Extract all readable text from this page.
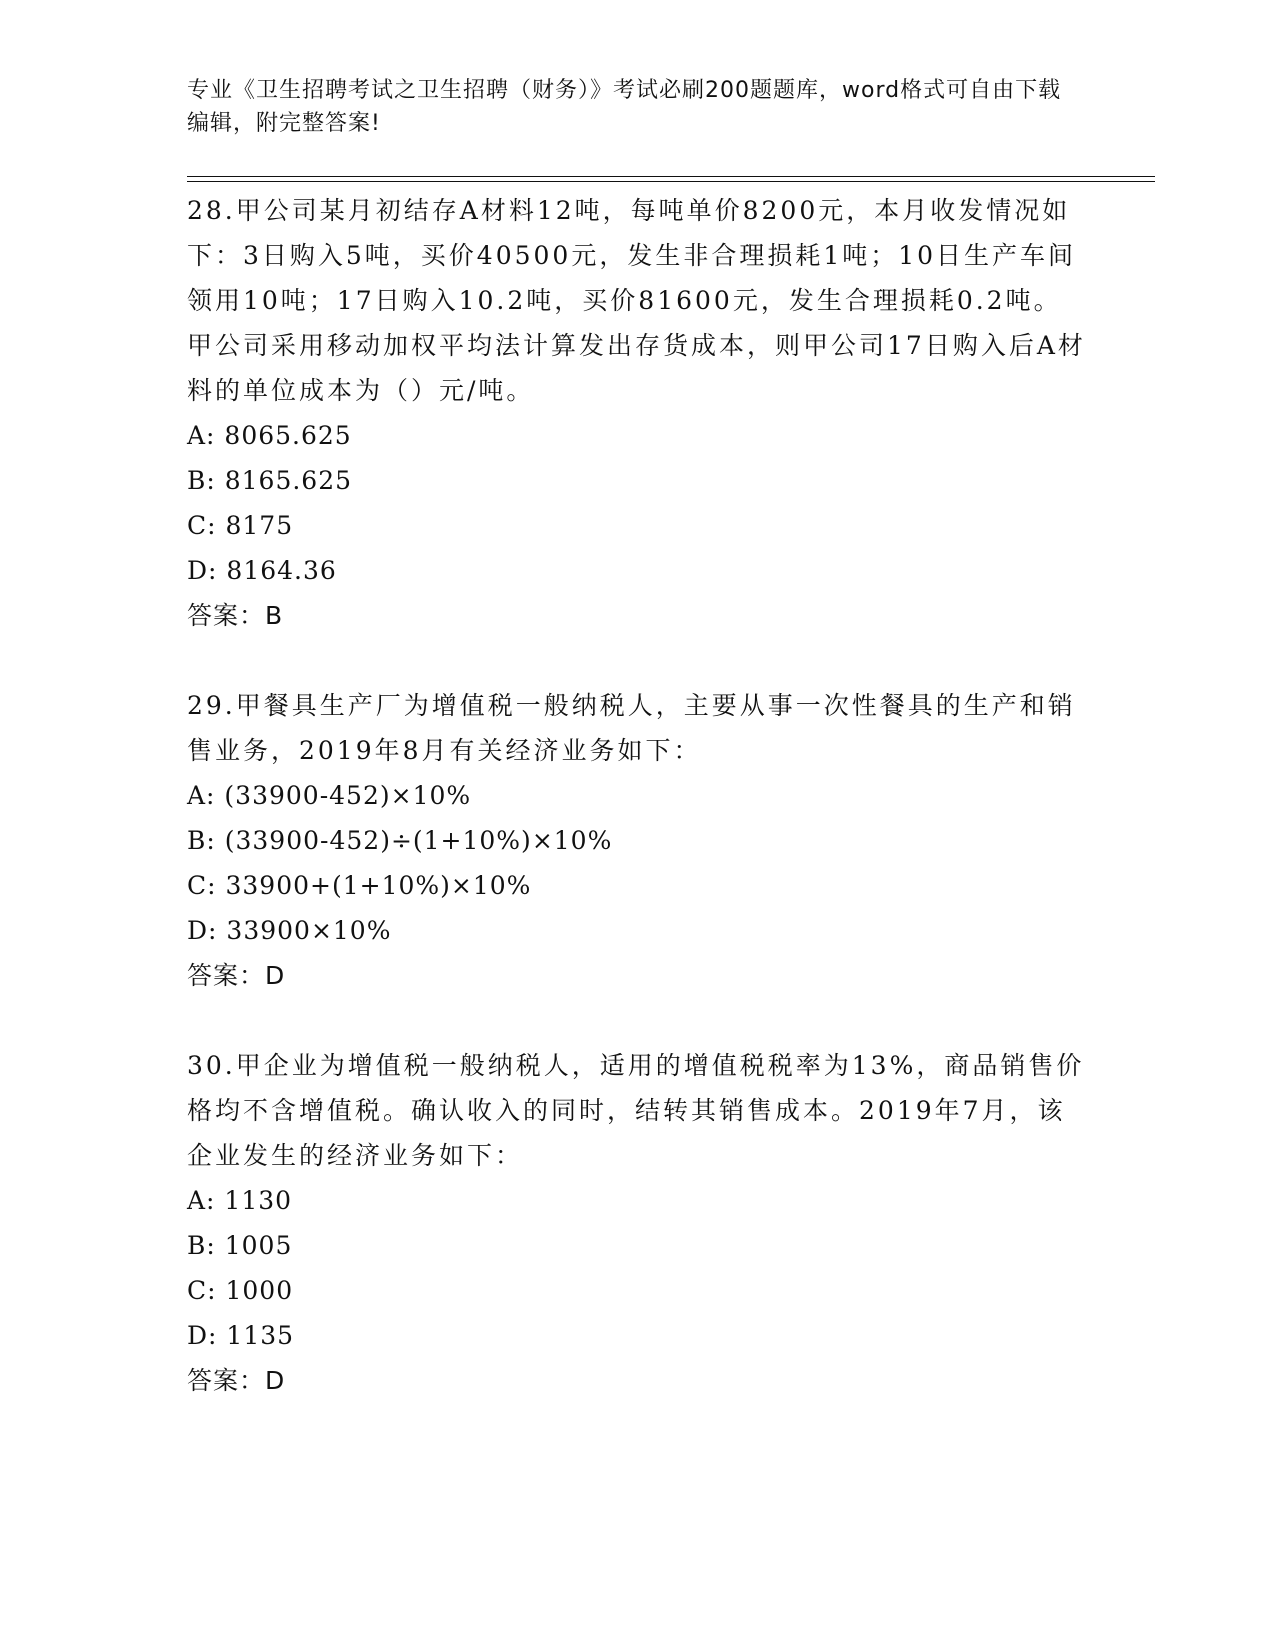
专业《卫生招聘考试之卫生招聘（财务）》考试必刷200题题库，word格式可自由下载编辑，附完整答案!
28.甲公司某月初结存A材料12吨，每吨单价8200元，本月收发情况如下：3日购入5吨，买价40500元，发生非合理损耗1吨；10日生产车间领用10吨；17日购入10.2吨，买价81600元，发生合理损耗0.2吨。甲公司采用移动加权平均法计算发出存货成本，则甲公司17日购入后A材料的单位成本为（）元/吨。
A: 8065.625
B: 8165.625
C: 8175
D: 8164.36
答案：B
29.甲餐具生产厂为增值税一般纳税人，主要从事一次性餐具的生产和销售业务，2019年8月有关经济业务如下：
A: (33900-452)×10%
B: (33900-452)÷(1+10%)×10%
C: 33900+(1+10%)×10%
D: 33900×10%
答案：D
30.甲企业为增值税一般纳税人，适用的增值税税率为13%，商品销售价格均不含增值税。确认收入的同时，结转其销售成本。2019年7月，该企业发生的经济业务如下：
A: 1130
B: 1005
C: 1000
D: 1135
答案：D
